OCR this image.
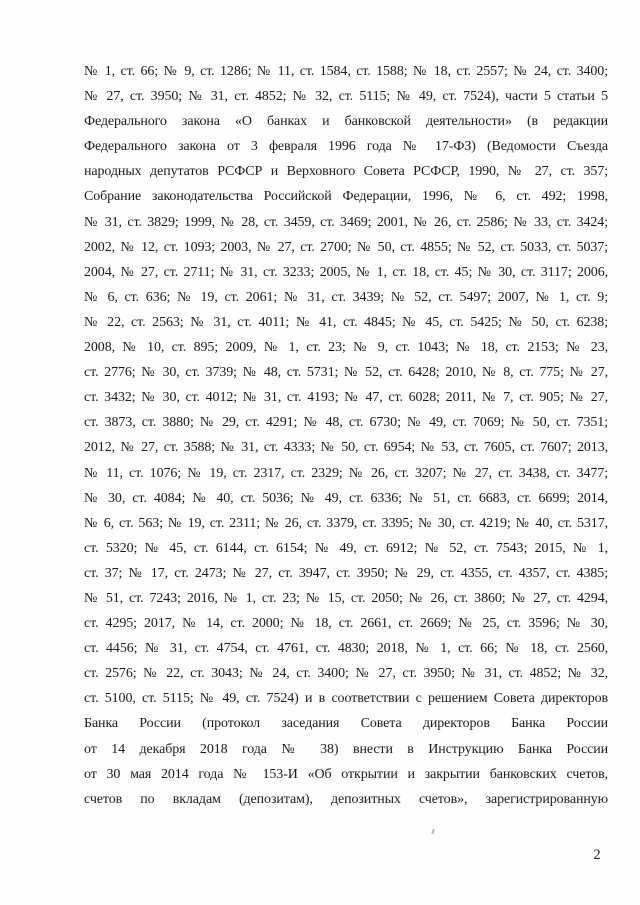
№ 1, ст. 66; № 9, ст. 1286; № 11, ст. 1584, ст. 1588; № 18, ст. 2557; № 24, ст. 3400;
№ 27, ст. 3950; № 31, ст. 4852; № 32, ст. 5115; № 49, ст. 7524), части 5 статьи 5
Федерального закона «О банках и банковской деятельности» (в редакции
Федерального закона от 3 февраля 1996 года № 17-ФЗ) (Ведомости Съезда
народных депутатов РСФСР и Верховного Совета РСФСР, 1990, № 27, ст. 357;
Собрание законодательства Российской Федерации, 1996, № 6, ст. 492; 1998,
№ 31, ст. 3829; 1999, № 28, ст. 3459, ст. 3469; 2001, № 26, ст. 2586; № 33, ст. 3424;
2002, № 12, ст. 1093; 2003, № 27, ст. 2700; № 50, ст. 4855; № 52, ст. 5033, ст. 5037;
2004, № 27, ст. 2711; № 31, ст. 3233; 2005, № 1, ст. 18, ст. 45; № 30, ст. 3117; 2006,
№ 6, ст. 636; № 19, ст. 2061; № 31, ст. 3439; № 52, ст. 5497; 2007, № 1, ст. 9;
№ 22, ст. 2563; № 31, ст. 4011; № 41, ст. 4845; № 45, ст. 5425; № 50, ст. 6238;
2008, № 10, ст. 895; 2009, № 1, ст. 23; № 9, ст. 1043; № 18, ст. 2153; № 23,
ст. 2776; № 30, ст. 3739; № 48, ст. 5731; № 52, ст. 6428; 2010, № 8, ст. 775; № 27,
ст. 3432; № 30, ст. 4012; № 31, ст. 4193; № 47, ст. 6028; 2011, № 7, ст. 905; № 27,
ст. 3873, ст. 3880; № 29, ст. 4291; № 48, ст. 6730; № 49, ст. 7069; № 50, ст. 7351;
2012, № 27, ст. 3588; № 31, ст. 4333; № 50, ст. 6954; № 53, ст. 7605, ст. 7607; 2013,
№ 11, ст. 1076; № 19, ст. 2317, ст. 2329; № 26, ст. 3207; № 27, ст. 3438, ст. 3477;
№ 30, ст. 4084; № 40, ст. 5036; № 49, ст. 6336; № 51, ст. 6683, ст. 6699; 2014,
№ 6, ст. 563; № 19, ст. 2311; № 26, ст. 3379, ст. 3395; № 30, ст. 4219; № 40, ст. 5317,
ст. 5320; № 45, ст. 6144, ст. 6154; № 49, ст. 6912; № 52, ст. 7543; 2015, № 1,
ст. 37; № 17, ст. 2473; № 27, ст. 3947, ст. 3950; № 29, ст. 4355, ст. 4357, ст. 4385;
№ 51, ст. 7243; 2016, № 1, ст. 23; № 15, ст. 2050; № 26, ст. 3860; № 27, ст. 4294,
ст. 4295; 2017, № 14, ст. 2000; № 18, ст. 2661, ст. 2669; № 25, ст. 3596; № 30,
ст. 4456; № 31, ст. 4754, ст. 4761, ст. 4830; 2018, № 1, ст. 66; № 18, ст. 2560,
ст. 2576; № 22, ст. 3043; № 24, ст. 3400; № 27, ст. 3950; № 31, ст. 4852; № 32,
ст. 5100, ст. 5115; № 49, ст. 7524) и в соответствии с решением Совета директоров
Банка России (протокол заседания Совета директоров Банка России
от 14 декабря 2018 года № 38) внести в Инструкцию Банка России
от 30 мая 2014 года № 153-И «Об открытии и закрытии банковских счетов,
счетов по вкладам (депозитам), депозитных счетов», зарегистрированную
2
